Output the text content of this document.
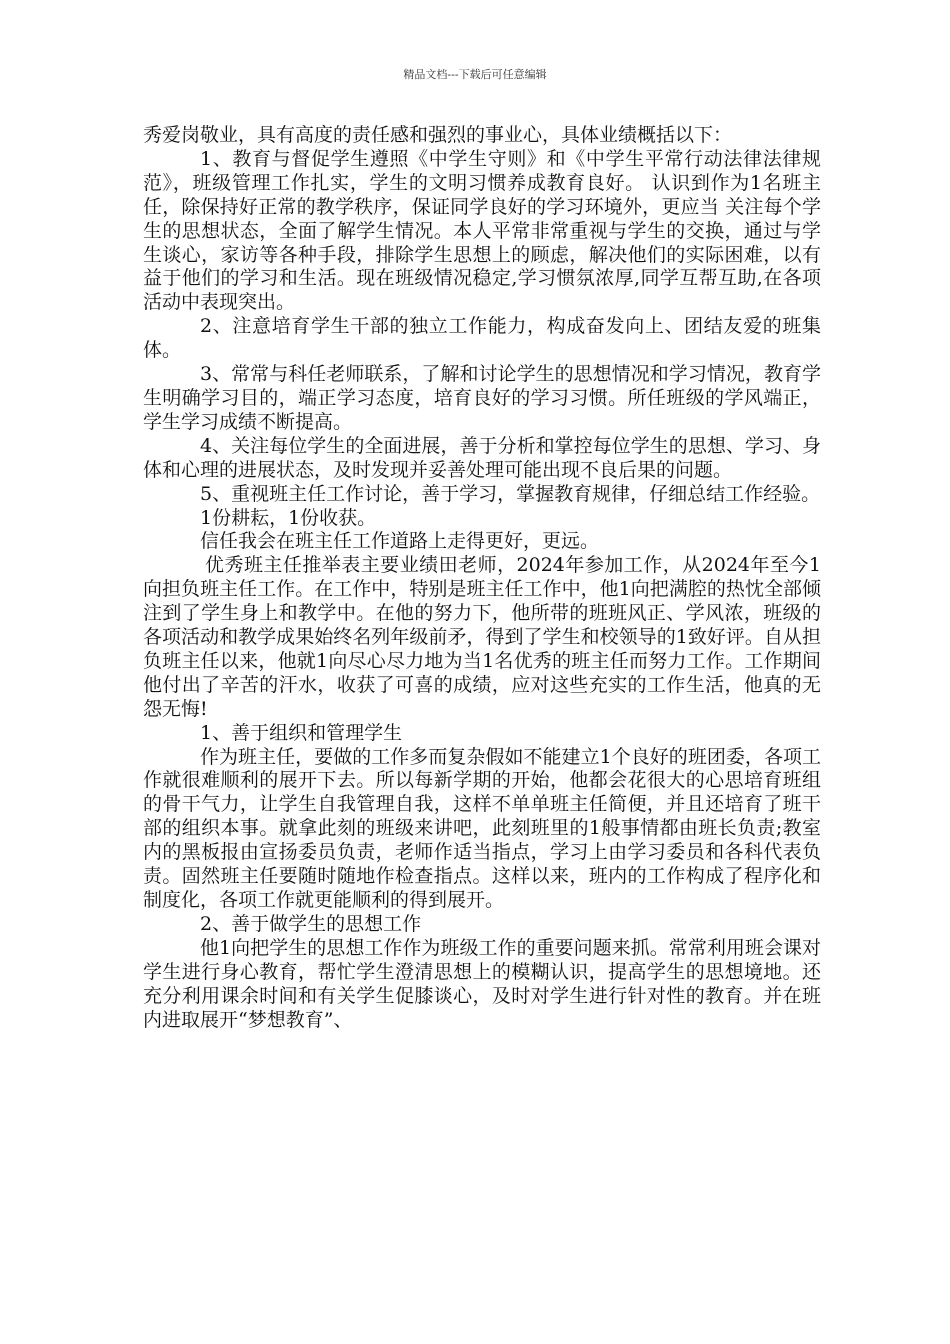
精品文档---下载后可任意编辑

秀爱岗敬业，具有高度的责任感和强烈的事业心，具体业绩概括以下：

1、教育与督促学生遵照《中学生守则》和《中学生平常行动法律法律规范》，班级管理工作扎实，学生的文明习惯养成教育良好。 认识到作为1名班主任，除保持好正常的教学秩序，保证同学良好的学习环境外，更应当 关注每个学生的思想状态，全面了解学生情况。本人平常非常重视与学生的交换，通过与学生谈心，家访等各种手段，排除学生思想上的顾虑，解决他们的实际困难，以有益于他们的学习和生活。现在班级情况稳定,学习惯氛浓厚,同学互帮互助,在各项活动中表现突出。

2、注意培育学生干部的独立工作能力，构成奋发向上、团结友爱的班集体。

3、常常与科任老师联系，了解和讨论学生的思想情况和学习情况，教育学生明确学习目的，端正学习态度，培育良好的学习习惯。所任班级的学风端正，学生学习成绩不断提高。

4、关注每位学生的全面进展，善于分析和掌控每位学生的思想、学习、身体和心理的进展状态，及时发现并妥善处理可能出现不良后果的问题。

5、重视班主任工作讨论，善于学习，掌握教育规律，仔细总结工作经验。

1份耕耘，1份收获。

信任我会在班主任工作道路上走得更好，更远。

优秀班主任推举表主要业绩田老师，2024年参加工作，从2024年至今1向担负班主任工作。在工作中，特别是班主任工作中，他1向把满腔的热忱全部倾注到了学生身上和教学中。在他的努力下，他所带的班班风正、学风浓，班级的各项活动和教学成果始终名列年级前矛，得到了学生和校领导的1致好评。自从担负班主任以来，他就1向尽心尽力地为当1名优秀的班主任而努力工作。工作期间他付出了辛苦的汗水，收获了可喜的成绩，应对这些充实的工作生活，他真的无怨无悔!

1、善于组织和管理学生

作为班主任，要做的工作多而复杂假如不能建立1个良好的班团委，各项工作就很难顺利的展开下去。所以每新学期的开始，他都会花很大的心思培育班组的骨干气力，让学生自我管理自我，这样不单单班主任简便，并且还培育了班干部的组织本事。就拿此刻的班级来讲吧，此刻班里的1般事情都由班长负责;教室内的黑板报由宣扬委员负责，老师作适当指点，学习上由学习委员和各科代表负责。固然班主任要随时随地作检查指点。这样以来，班内的工作构成了程序化和制度化，各项工作就更能顺利的得到展开。

2、善于做学生的思想工作

他1向把学生的思想工作作为班级工作的重要问题来抓。常常利用班会课对学生进行身心教育，帮忙学生澄清思想上的模糊认识，提高学生的思想境地。还充分利用课余时间和有关学生促膝谈心，及时对学生进行针对性的教育。并在班内进取展开“梦想教育”、
